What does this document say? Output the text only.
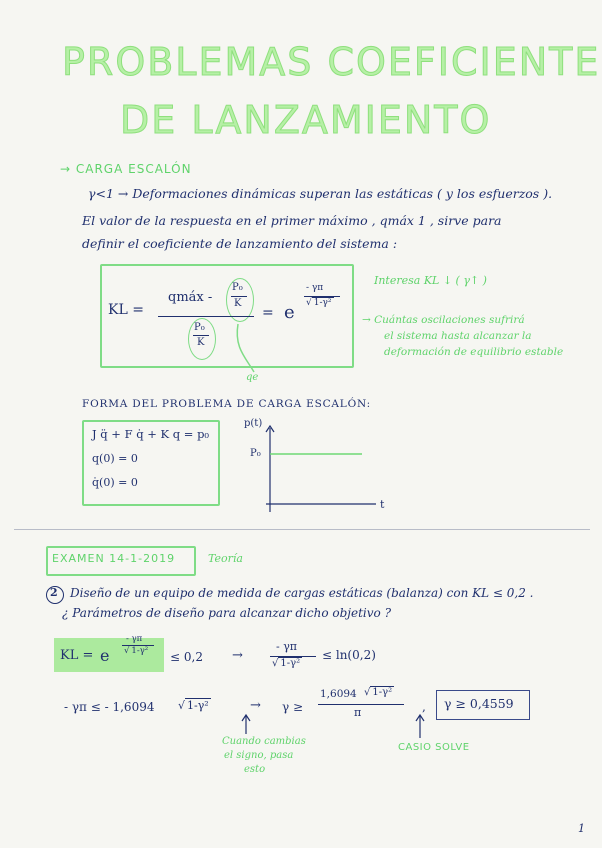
PROBLEMAS COEFICIENTE
DE LANZAMIENTO
→ CARGA ESCALÓN
γ<1 → Deformaciones dinámicas superan las estáticas ( y los esfuerzos ).
El valor de la respuesta en el primer máximo , qmáx 1 , sirve para
definir el coeficiente de lanzamiento del sistema :
KL =
qmáx -
P₀
K
P₀
K
= e
- γπ
√ 1-γ²
qe
Interesa KL ↓ ( γ↑ )
→ Cuántas oscilaciones sufrirá
el sistema hasta alcanzar la
deformación de equilibrio estable
FORMA DEL PROBLEMA DE CARGA ESCALÓN:
J q̈ + F q̇ + K q = p₀
q(0) = 0
q̇(0) = 0
p(t)
P₀
t
EXAMEN 14-1-2019	Teoría
2 Diseño de un equipo de medida de cargas estáticas (balanza) con KL ≤ 0,2 .
¿ Parámetros de diseño para alcanzar dicho objetivo ?
KL = e
- γπ
√ 1-γ² ≤ 0,2 →
- γπ
√ 1-γ²
≤ ln(0,2)
- γπ ≤ - 1,6094 √ 1-γ²	→ γ ≥
1,6094 √ 1-γ²
π	, γ ≥ 0,4559
Cuando cambias
el signo, pasa
esto
CASIO SOLVE
1
